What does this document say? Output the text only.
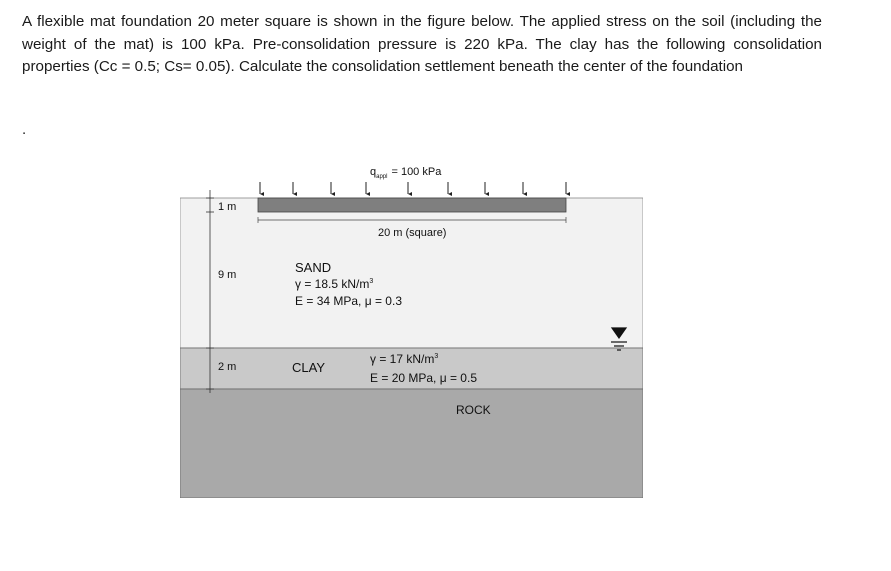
A flexible mat foundation 20 meter square is shown in the figure below. The applied stress on the soil (including the weight of the mat) is 100 kPa. Pre-consolidation pressure is 220 kPa. The clay has the following consolidation properties (Cc = 0.5; Cs= 0.05). Calculate the consolidation settlement beneath the center of the foundation

.

$q_{appl} = 100$ kPa
20 m (square)
1 m
9 m
2 m
SAND
γ = 18.5 $kN/m^3$
E = 34 MPa, μ = 0.3
CLAY
γ = 17 $kN/m^3$
E = 20 MPa, μ = 0.5
ROCK
